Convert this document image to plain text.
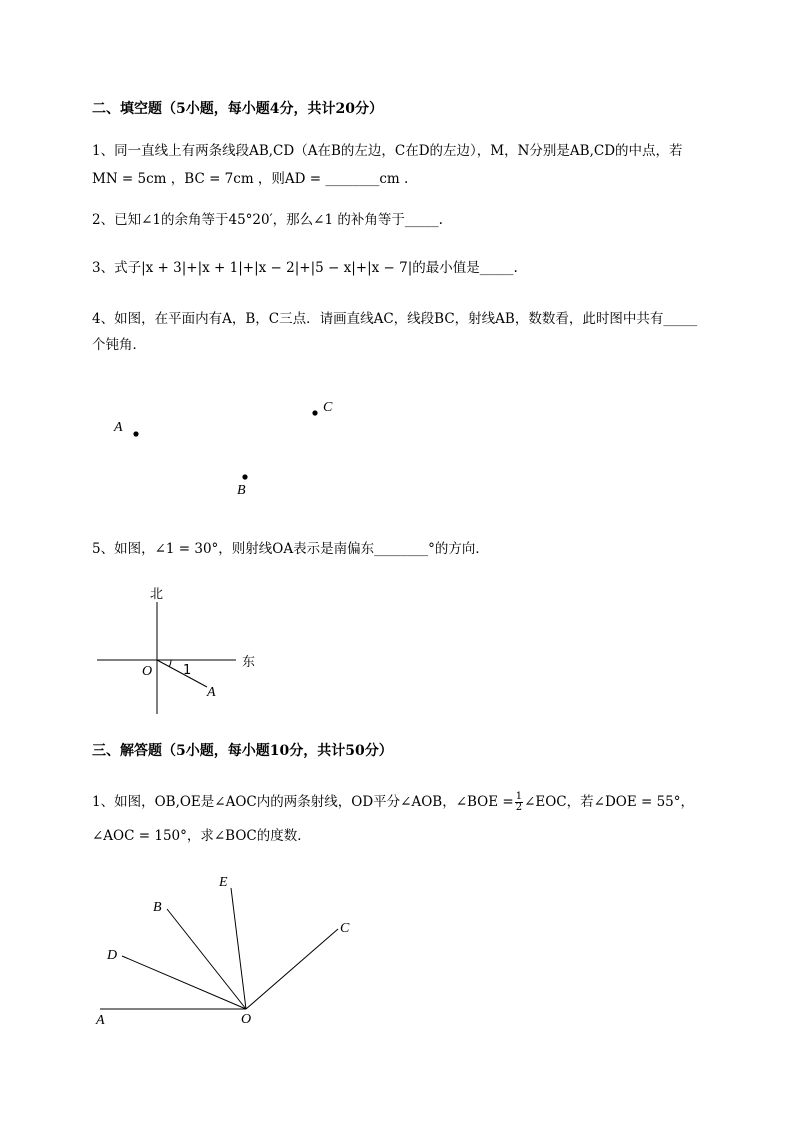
二、填空题（5小题，每小题4分，共计20分）
1、同一直线上有两条线段AB,CD（A在B的左边，C在D的左边），M，N分别是AB,CD的中点，若
MN = 5cm ，BC = 7cm ，则AD = ________cm .
2、已知∠1的余角等于45°20′，那么∠1 的补角等于_____.
3、式子|x + 3|+|x + 1|+|x − 2|+|5 − x|+|x − 7|的最小值是_____.
4、如图，在平面内有A，B，C三点．请画直线AC，线段BC，射线AB，数数看，此时图中共有_____
个钝角．
A
B
C
5、如图，∠1 = 30°，则射线OA表示是南偏东________°的方向．
北
东
O 1
A
三、解答题（5小题，每小题10分，共计50分）
1、如图，OB,OE是∠AOC内的两条射线，OD平分∠AOB，∠BOE = $\frac{1}{2}$ ∠EOC，若∠DOE = 55°，
∠AOC = 150°，求∠BOC的度数．
A
D
B
E
C
O
